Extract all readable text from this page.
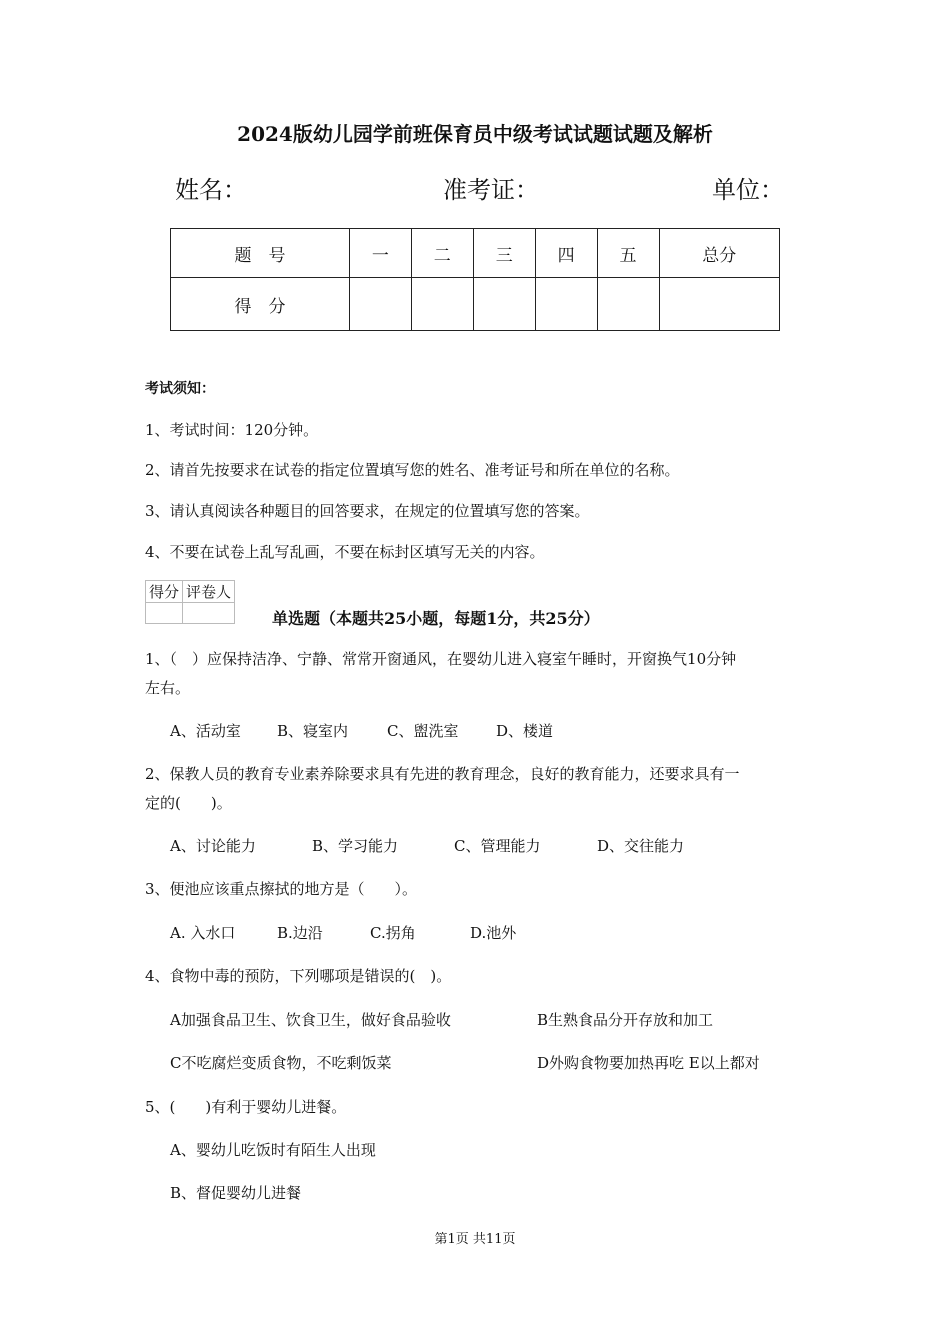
2024版幼儿园学前班保育员中级考试试题试题及解析
姓名：	准考证：	单位：
题　号	一	二	三	四	五	总分
得　分						
考试须知：
1、考试时间：120分钟。
2、请首先按要求在试卷的指定位置填写您的姓名、准考证号和所在单位的名称。
3、请认真阅读各种题目的回答要求，在规定的位置填写您的答案。
4、不要在试卷上乱写乱画，不要在标封区填写无关的内容。
得分	评卷人

单选题（本题共25小题，每题1分，共25分）
1、（　）应保持洁净、宁静、常常开窗通风，在婴幼儿进入寝室午睡时，开窗换气10分钟
左右。
A、活动室 B、寝室内	C、盥洗室	D、楼道
2、保教人员的教育专业素养除要求具有先进的教育理念，良好的教育能力，还要求具有一
定的(　　)。
A、讨论能力	B、学习能力	C、管理能力	D、交往能力
3、便池应该重点擦拭的地方是（　　）。
A. 入水口	B.边沿	C.拐角	D.池外
4、食物中毒的预防，下列哪项是错误的(　)。
A加强食品卫生、饮食卫生，做好食品验收	B生熟食品分开存放和加工
C不吃腐烂变质食物，不吃剩饭菜	D外购食物要加热再吃 E以上都对
5、(　　)有利于婴幼儿进餐。
A、婴幼儿吃饭时有陌生人出现
B、督促婴幼儿进餐
第1页 共11页
